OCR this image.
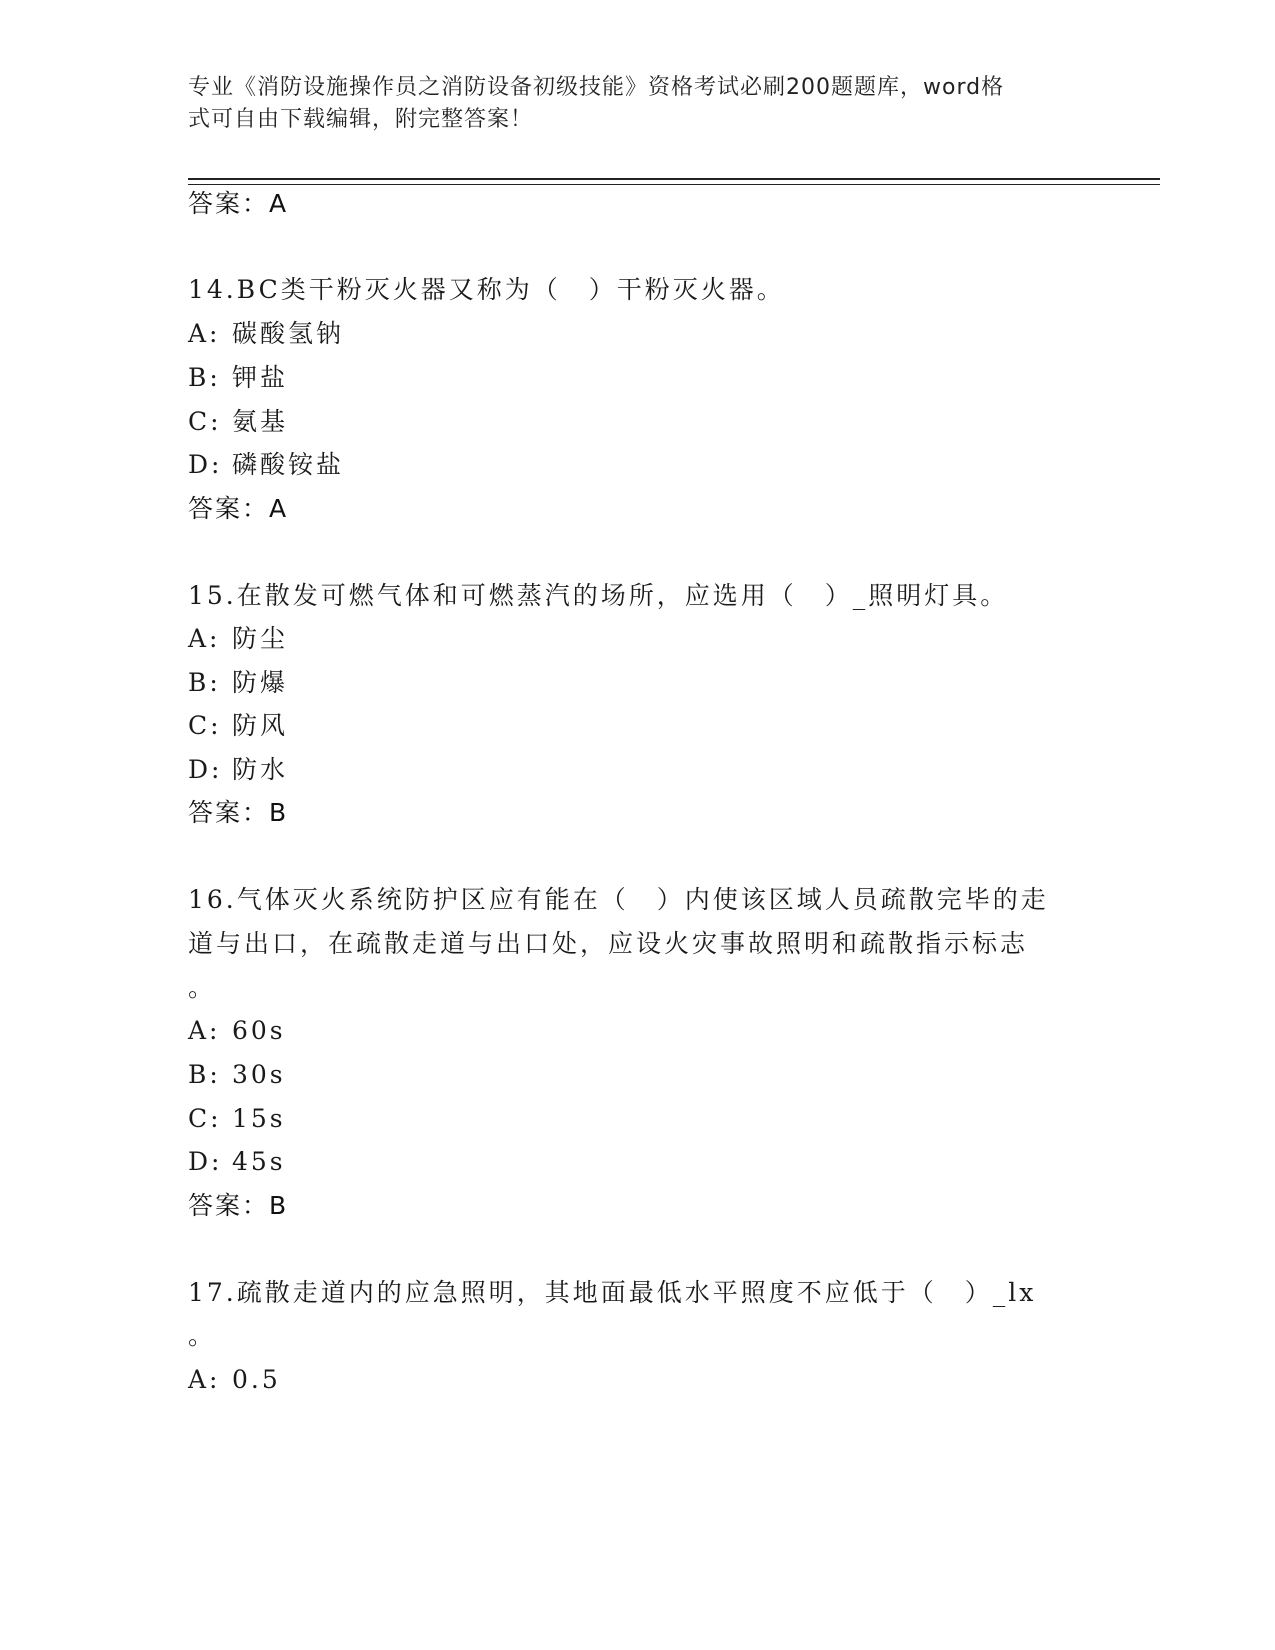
专业《消防设施操作员之消防设备初级技能》资格考试必刷200题题库，word格
式可自由下载编辑，附完整答案！
答案：A
14.BC类干粉灭火器又称为（　）干粉灭火器。
A: 碳酸氢钠
B: 钾盐
C: 氨基
D: 磷酸铵盐
答案：A
15.在散发可燃气体和可燃蒸汽的场所，应选用（　）_照明灯具。
A: 防尘
B: 防爆
C: 防风
D: 防水
答案：B
16.气体灭火系统防护区应有能在（　）内使该区域人员疏散完毕的走
道与出口，在疏散走道与出口处，应设火灾事故照明和疏散指示标志
。
A: 60s
B: 30s
C: 15s
D: 45s
答案：B
17.疏散走道内的应急照明，其地面最低水平照度不应低于（　）_lx
。
A: 0.5
